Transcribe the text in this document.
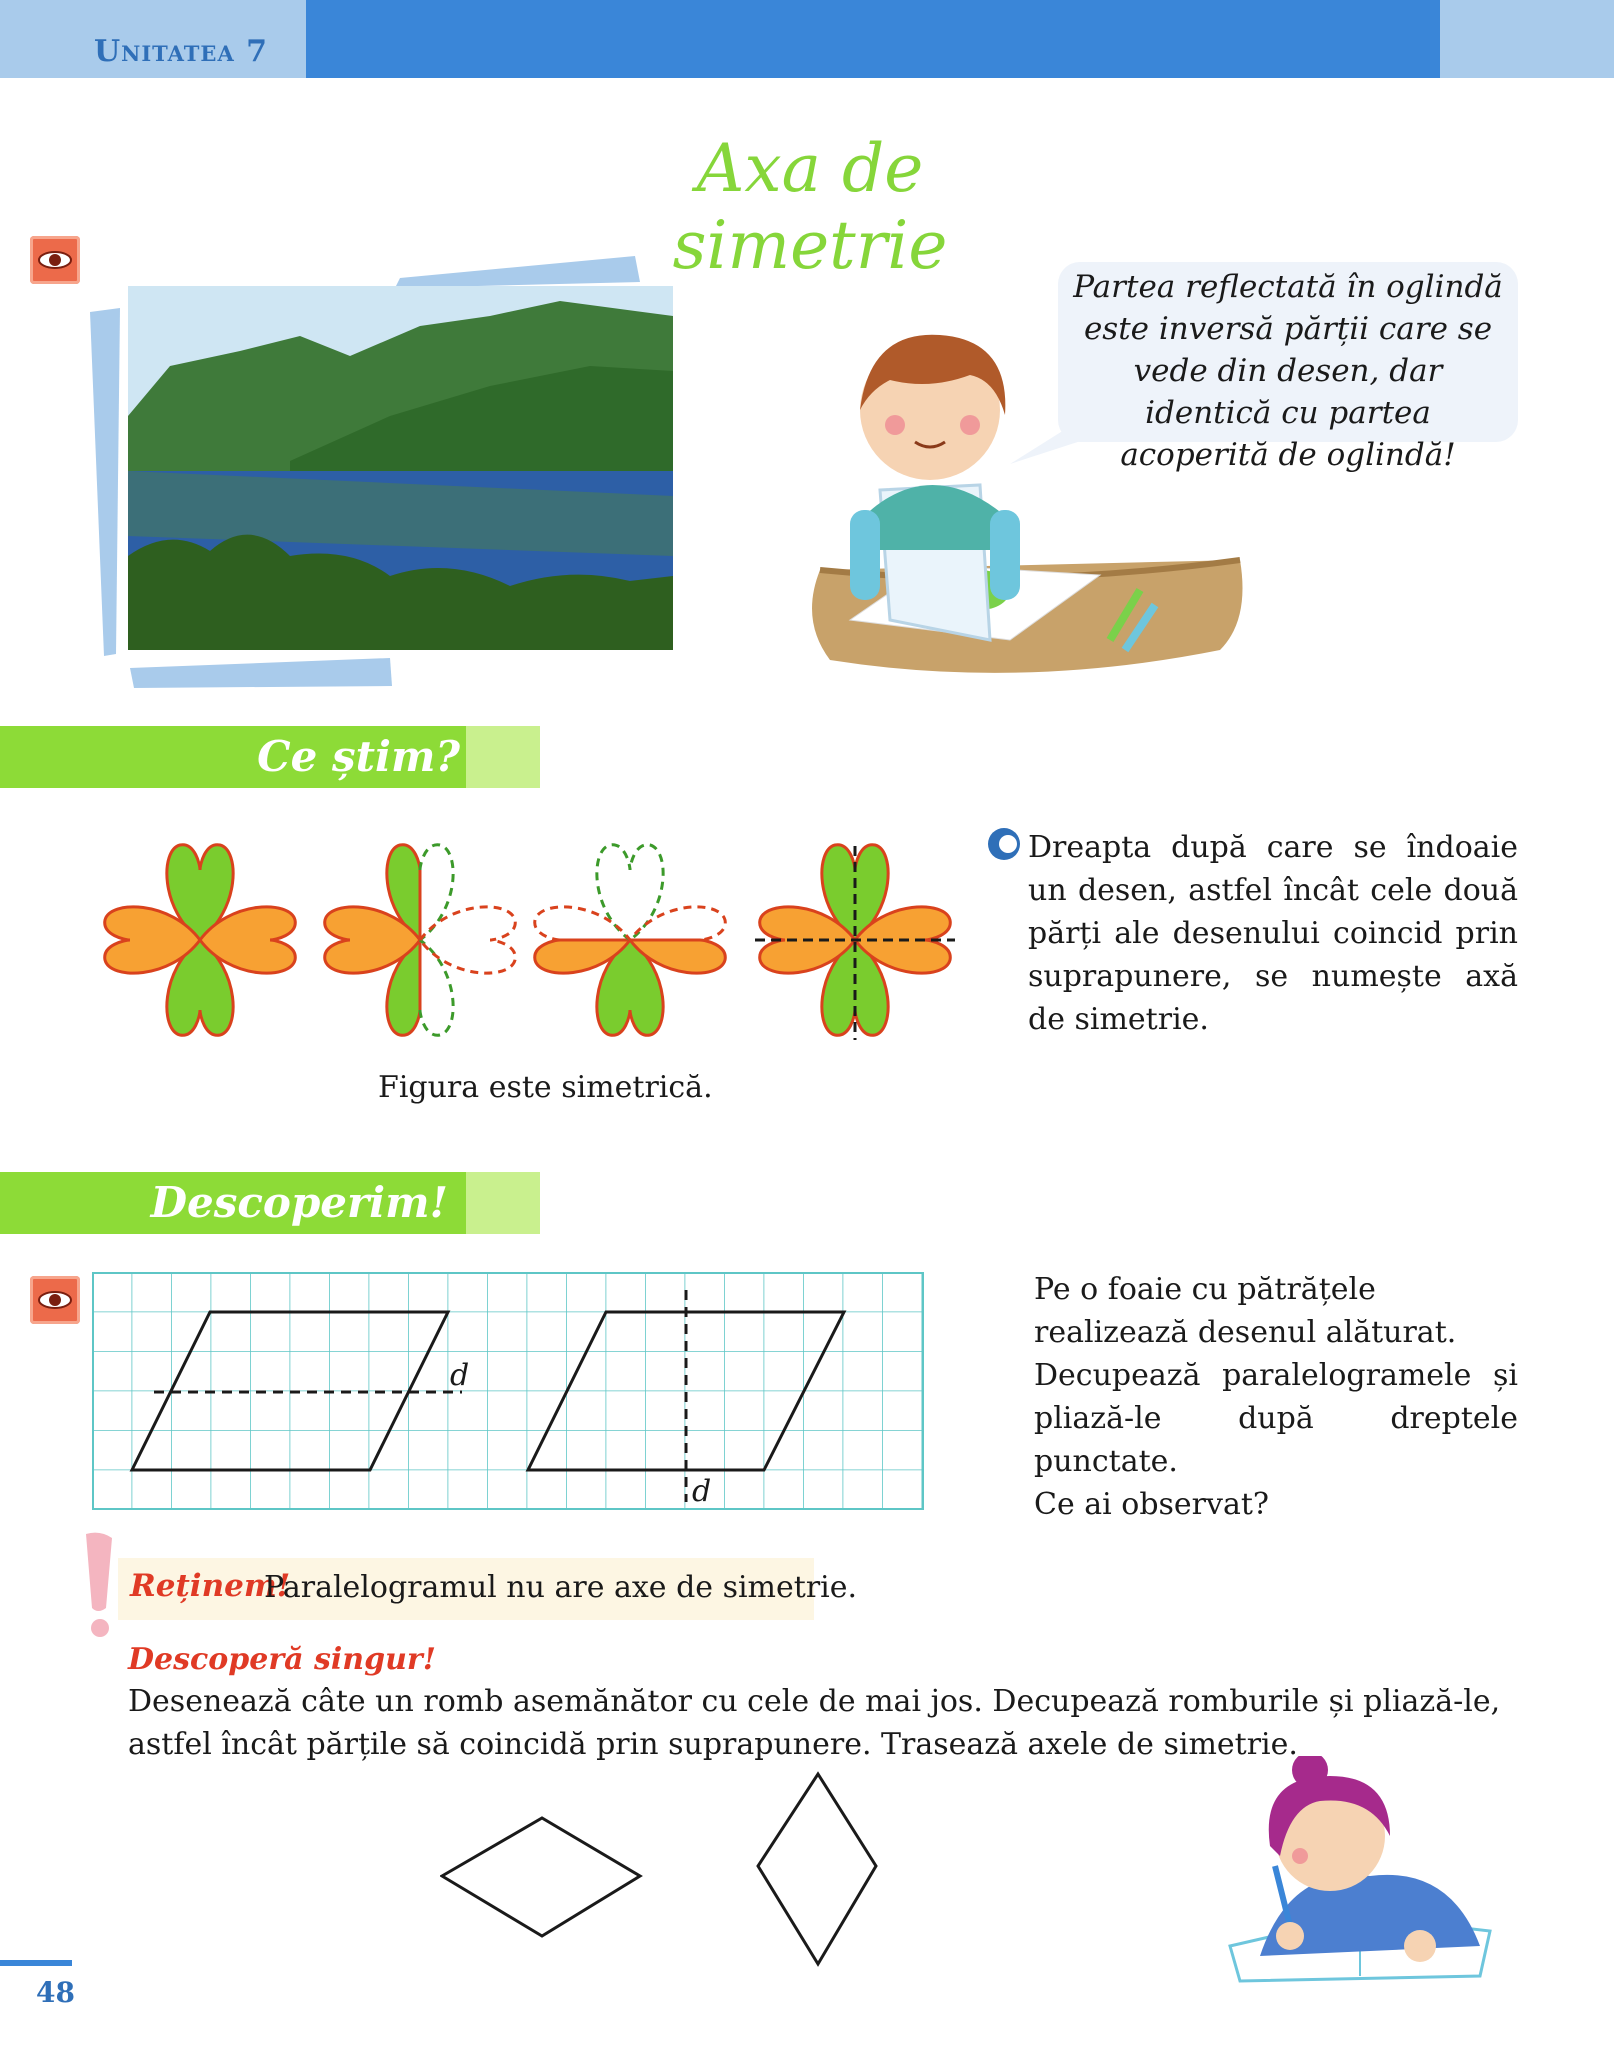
Unitatea 7
Axa de simetrie
Partea reflectată în oglindă este inversă părții care se vede din desen, dar identică cu partea acoperită de oglindă!
Ce știm?
Dreapta după care se îndoaie un desen, astfel încât cele două părți ale desenului coincid prin suprapunere, se numește axă de simetrie.
Figura este simetrică.
Descoperim!
d
d
Pe o foaie cu pătrățele realizează desenul alăturat.
Decupează paralelogramele și pliază-le după dreptele punctate.
Ce ai observat?
Reținem!
Paralelogramul nu are axe de simetrie.
Descoperă singur!
Desenează câte un romb asemănător cu cele de mai jos. Decupează romburile și pliază-le, astfel încât părțile să coincidă prin suprapunere. Trasează axele de simetrie.
48
